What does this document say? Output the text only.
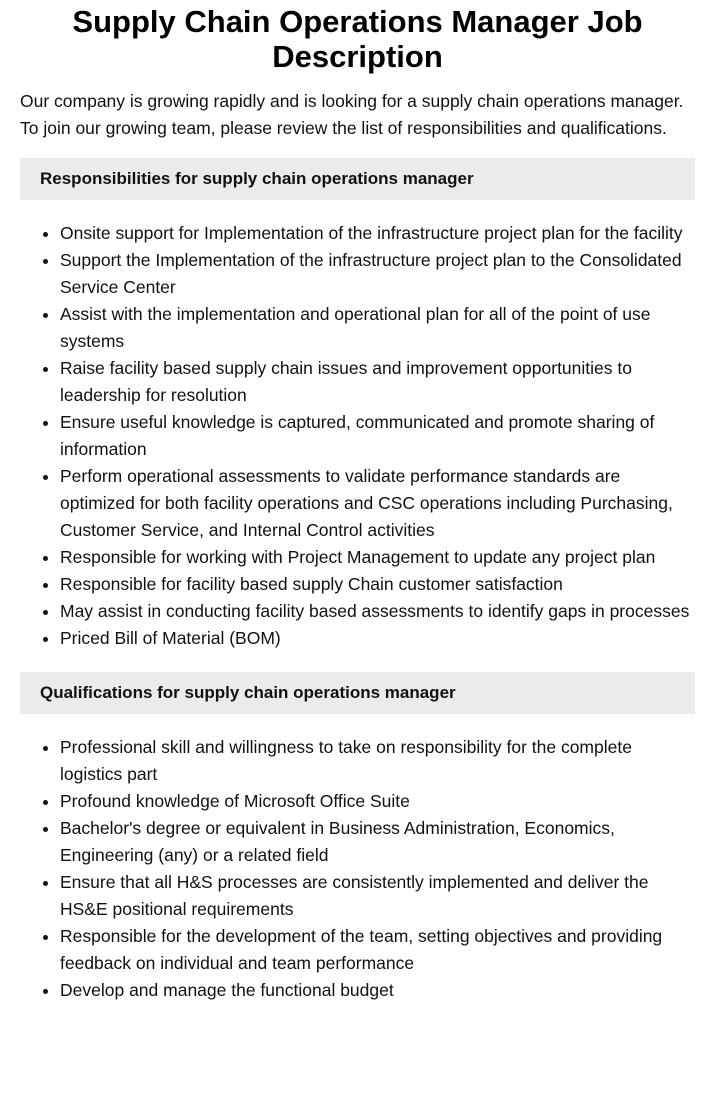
Supply Chain Operations Manager Job Description

Our company is growing rapidly and is looking for a supply chain operations manager. To join our growing team, please review the list of responsibilities and qualifications.

Responsibilities for supply chain operations manager
• Onsite support for Implementation of the infrastructure project plan for the facility
• Support the Implementation of the infrastructure project plan to the Consolidated Service Center
• Assist with the implementation and operational plan for all of the point of use systems
• Raise facility based supply chain issues and improvement opportunities to leadership for resolution
• Ensure useful knowledge is captured, communicated and promote sharing of information
• Perform operational assessments to validate performance standards are optimized for both facility operations and CSC operations including Purchasing, Customer Service, and Internal Control activities
• Responsible for working with Project Management to update any project plan
• Responsible for facility based supply Chain customer satisfaction
• May assist in conducting facility based assessments to identify gaps in processes
• Priced Bill of Material (BOM)
Qualifications for supply chain operations manager
• Professional skill and willingness to take on responsibility for the complete logistics part
• Profound knowledge of Microsoft Office Suite
• Bachelor's degree or equivalent in Business Administration, Economics, Engineering (any) or a related field
• Ensure that all H&S processes are consistently implemented and deliver the HS&E positional requirements
• Responsible for the development of the team, setting objectives and providing feedback on individual and team performance
• Develop and manage the functional budget
